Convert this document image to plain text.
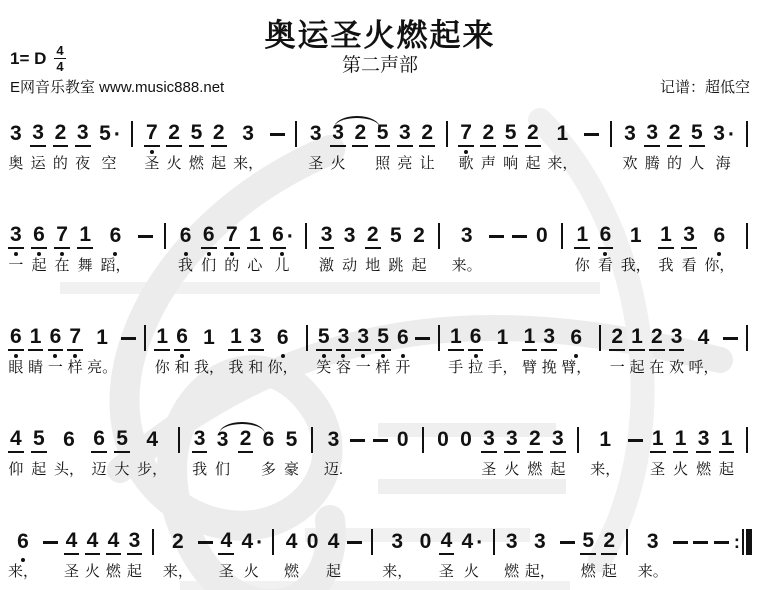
奥运圣火燃起来
第二声部
1= D $\frac{4}{4}$
E网音乐教室 www.music888.net	记谱：超低空
3
奥
3
运
2
的
3
夜
5 ·
空
7
圣
2
火
5
燃
2
起
3
来，
3
圣
3
火
2 5
照
3
亮
2
让
7
歌
2
声
5
响
2
起
1
来，
3
欢
3
腾
2
的
5
人
3 ·
海
3
一
6
起
7
在
1
舞
6
蹈，
6
我
6
们
7
的
1
心
6 ·
儿
3
激
3
动
2
地
5
跳
2
起
3
来。
0 1
你
6
看
1
我，
1
我
3
看
6
你，
6
眼
1
睛
6
一
7
样
1
亮。
1
你
6
和
1
我，
1
我
3
和
6
你，
5
笑
3
容
3
一
5
样
6
开
1
手
6
拉
1
手，
1
臂
3
挽
6
臂，
2
一
1
起
2
在
3
欢
4
呼，
4
仰
5
起
6
头，
6
迈
5
大
4
步，
3
我
3
们
2 6
多
5
豪
3
迈.
0 0 0 3
圣
3
火
2
燃
3
起
1
来，
1
圣
1
火
3
燃
1
起
6
来，
4
圣
4
火
4
燃
3
起
2
来，
4
圣
4 ·
火
4
燃
0 4
起
3
来，
0 4
圣
4 ·
火
3
燃
3
起，
5
燃
2
起
3
来。
:
